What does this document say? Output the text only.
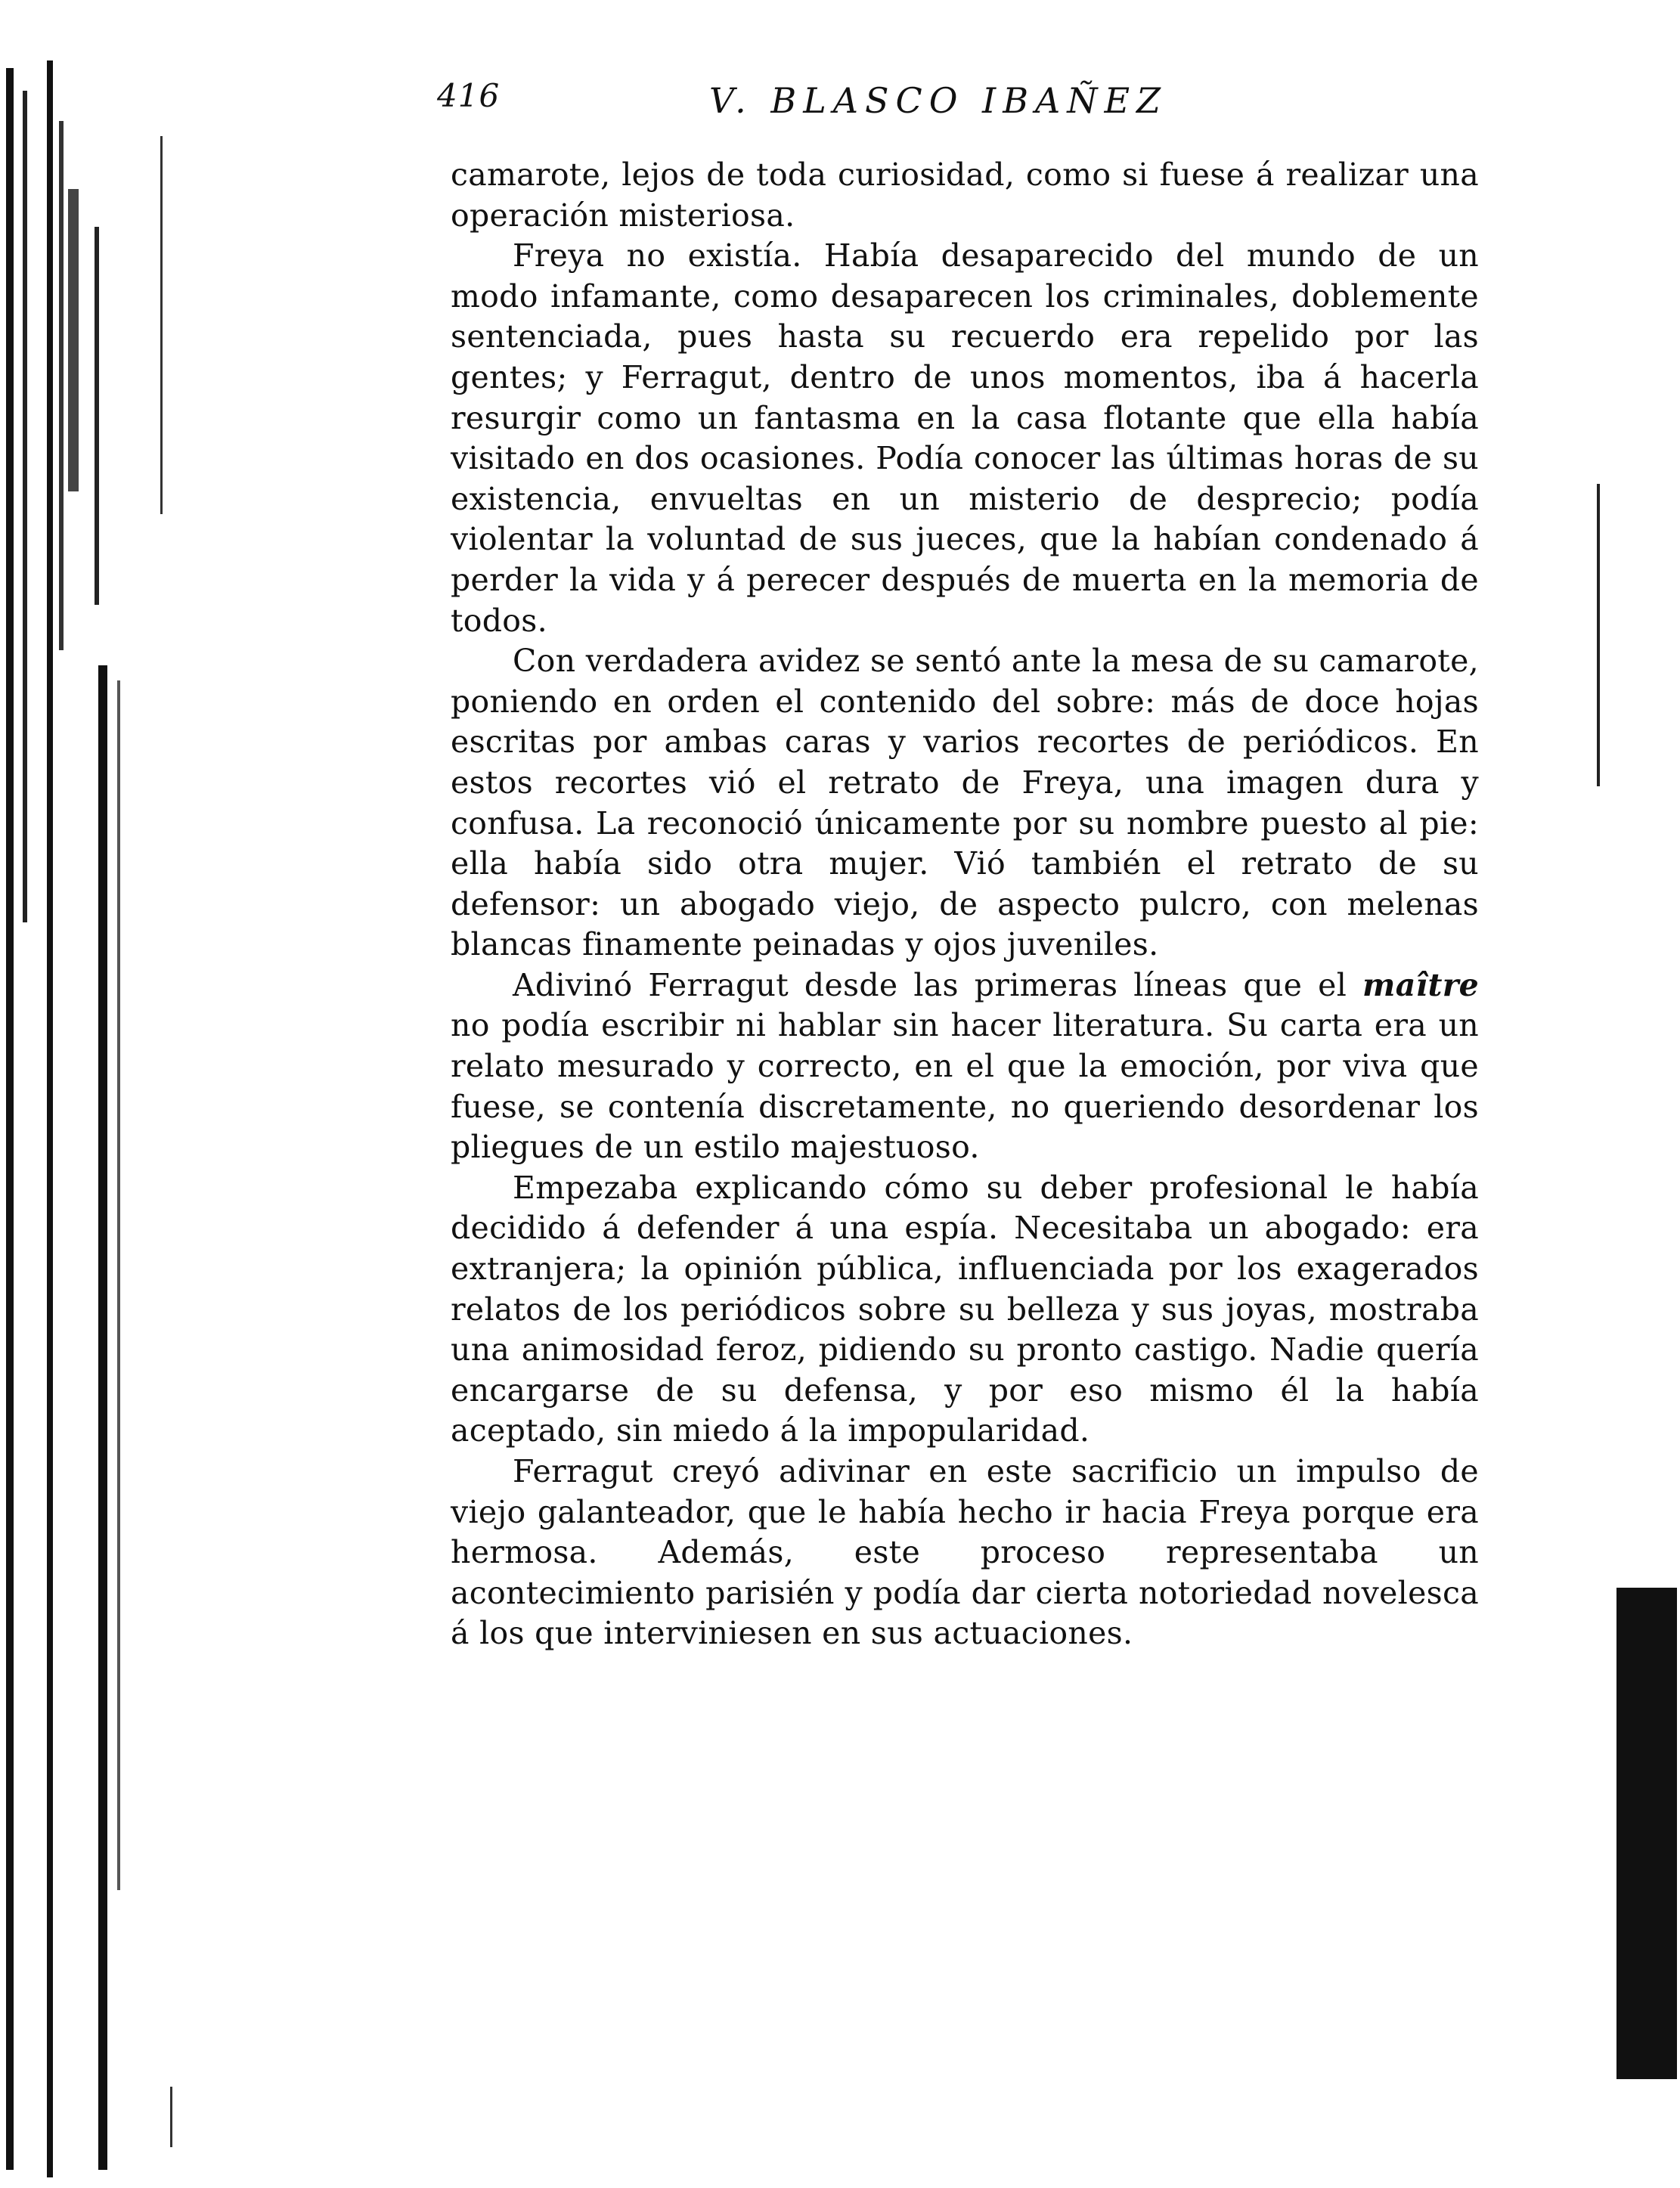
416	V. BLASCO IBAÑEZ

camarote, lejos de toda curiosidad, como si fuese á realizar una operación misteriosa.

Freya no existía. Había desaparecido del mundo de un modo infamante, como desaparecen los criminales, doblemente sentenciada, pues hasta su recuerdo era repelido por las gentes; y Ferragut, dentro de unos momentos, iba á hacerla resurgir como un fantasma en la casa flotante que ella había visitado en dos ocasiones. Podía conocer las últimas horas de su existencia, envueltas en un misterio de desprecio; podía violentar la voluntad de sus jueces, que la habían condenado á perder la vida y á perecer después de muerta en la memoria de todos.

Con verdadera avidez se sentó ante la mesa de su camarote, poniendo en orden el contenido del sobre: más de doce hojas escritas por ambas caras y varios recortes de periódicos. En estos recortes vió el retrato de Freya, una imagen dura y confusa. La reconoció únicamente por su nombre puesto al pie: ella había sido otra mujer. Vió también el retrato de su defensor: un abogado viejo, de aspecto pulcro, con melenas blancas finamente peinadas y ojos juveniles.

Adivinó Ferragut desde las primeras líneas que el maître no podía escribir ni hablar sin hacer literatura. Su carta era un relato mesurado y correcto, en el que la emoción, por viva que fuese, se contenía discretamente, no queriendo desordenar los pliegues de un estilo majestuoso.

Empezaba explicando cómo su deber profesional le había decidido á defender á una espía. Necesitaba un abogado: era extranjera; la opinión pública, influenciada por los exagerados relatos de los periódicos sobre su belleza y sus joyas, mostraba una animosidad feroz, pidiendo su pronto castigo. Nadie quería encargarse de su defensa, y por eso mismo él la había aceptado, sin miedo á la impopularidad.

Ferragut creyó adivinar en este sacrificio un impulso de viejo galanteador, que le había hecho ir hacia Freya porque era hermosa. Además, este proceso representaba un acontecimiento parisién y podía dar cierta notoriedad novelesca á los que interviniesen en sus actuaciones.
